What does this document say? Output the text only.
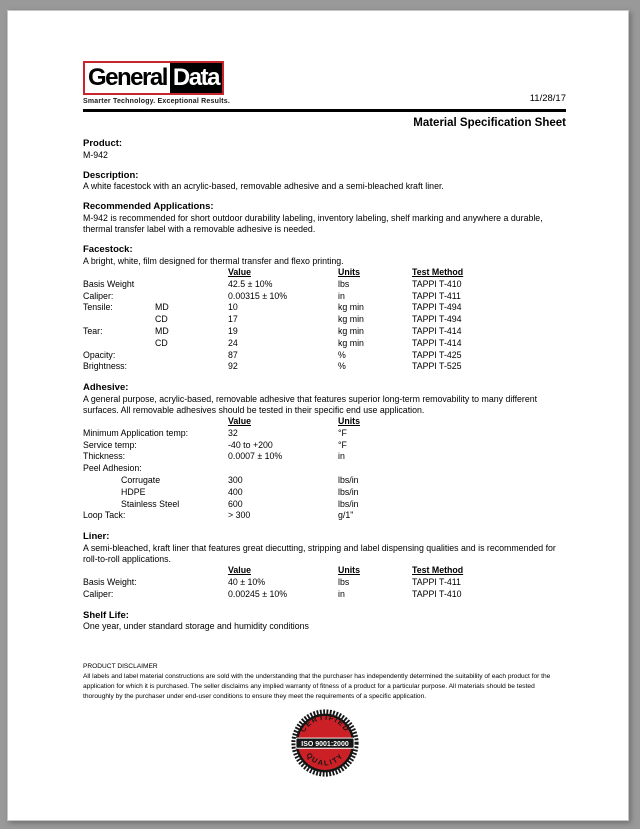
General Data
Smarter Technology. Exceptional Results.	11/28/17
Material Specification Sheet
Product:
M-942
Description:
A white facestock with an acrylic-based, removable adhesive and a semi-bleached kraft liner.
Recommended Applications:
M-942 is recommended for short outdoor durability labeling, inventory labeling, shelf marking and anywhere a durable, thermal transfer label with a removable adhesive is needed.
Facestock:
A bright, white, film designed for thermal transfer and flexo printing.
Value	Units	Test Method
Basis Weight	42.5 ± 10%	lbs	TAPPI T-410
Caliper:	0.00315 ± 10%	in	TAPPI T-411
Tensile:	MD	10	kg min	TAPPI T-494
CD	17	kg min	TAPPI T-494
Tear:	MD	19	kg min	TAPPI T-414
CD	24	kg min	TAPPI T-414
Opacity:	87	%	TAPPI T-425
Brightness:	92	%	TAPPI T-525
Adhesive:
A general purpose, acrylic-based, removable adhesive that features superior long-term removability to many different surfaces. All removable adhesives should be tested in their specific end use application.
Value	Units
Minimum Application temp:	32	°F
Service temp:	-40 to +200	°F
Thickness:	0.0007 ± 10%	in
Peel Adhesion:
Corrugate	300	lbs/in
HDPE	400	lbs/in
Stainless Steel	600	lbs/in
Loop Tack:	> 300	g/1"
Liner:
A semi-bleached, kraft liner that features great diecutting, stripping and label dispensing qualities and is recommended for roll-to-roll applications.
Value	Units	Test Method
Basis Weight:	40 ± 10%	lbs	TAPPI T-411
Caliper:	0.00245 ± 10%	in	TAPPI T-410
Shelf Life:
One year, under standard storage and humidity conditions
PRODUCT DISCLAIMER
All labels and label material constructions are sold with the understanding that the purchaser has independently determined the suitability of each product for the application for which it is purchased. The seller disclaims any implied warranty of fitness of a product for a particular purpose. All materials should be tested thoroughly by the purchaser under end-user conditions to ensure they meet the requirements of a specific application.
CERTIFIED
QUALITY
ISO 9001:2000
